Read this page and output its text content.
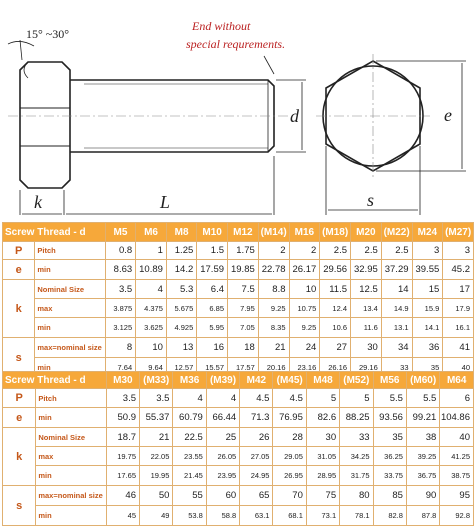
15° ~30°
End without
special requrements.
d
k	L
e
s
Screw Thread - d		M5	M6	M8	M10	M12	(M14)	M16	(M18)	M20	(M22)	M24	(M27)
P	Pitch	0.8	1	1.25	1.5	1.75	2	2	2.5	2.5	2.5	3	3
e	min	8.63	10.89	14.2	17.59	19.85	22.78	26.17	29.56	32.95	37.29	39.55	45.2
k	Nominal Size	3.5	4	5.3	6.4	7.5	8.8	10	11.5	12.5	14	15	17
	max	3.875	4.375	5.675	6.85	7.95	9.25	10.75	12.4	13.4	14.9	15.9	17.9
	min	3.125	3.625	4.925	5.95	7.05	8.35	9.25	10.6	11.6	13.1	14.1	16.1
s	max=nominal size	8	10	13	16	18	21	24	27	30	34	36	41
	min	7.64	9.64	12.57	15.57	17.57	20.16	23.16	26.16	29.16	33	35	40
Screw Thread - d		M30	(M33)	M36	(M39)	M42	(M45)	M48	(M52)	M56	(M60)	M64
P	Pitch	3.5	3.5	4	4	4.5	4.5	5	5	5.5	5.5	6
e	min	50.9	55.37	60.79	66.44	71.3	76.95	82.6	88.25	93.56	99.21	104.86
k	Nominal Size	18.7	21	22.5	25	26	28	30	33	35	38	40
	max	19.75	22.05	23.55	26.05	27.05	29.05	31.05	34.25	36.25	39.25	41.25
	min	17.65	19.95	21.45	23.95	24.95	26.95	28.95	31.75	33.75	36.75	38.75
s	max=nominal size	46	50	55	60	65	70	75	80	85	90	95
	min	45	49	53.8	58.8	63.1	68.1	73.1	78.1	82.8	87.8	92.8
